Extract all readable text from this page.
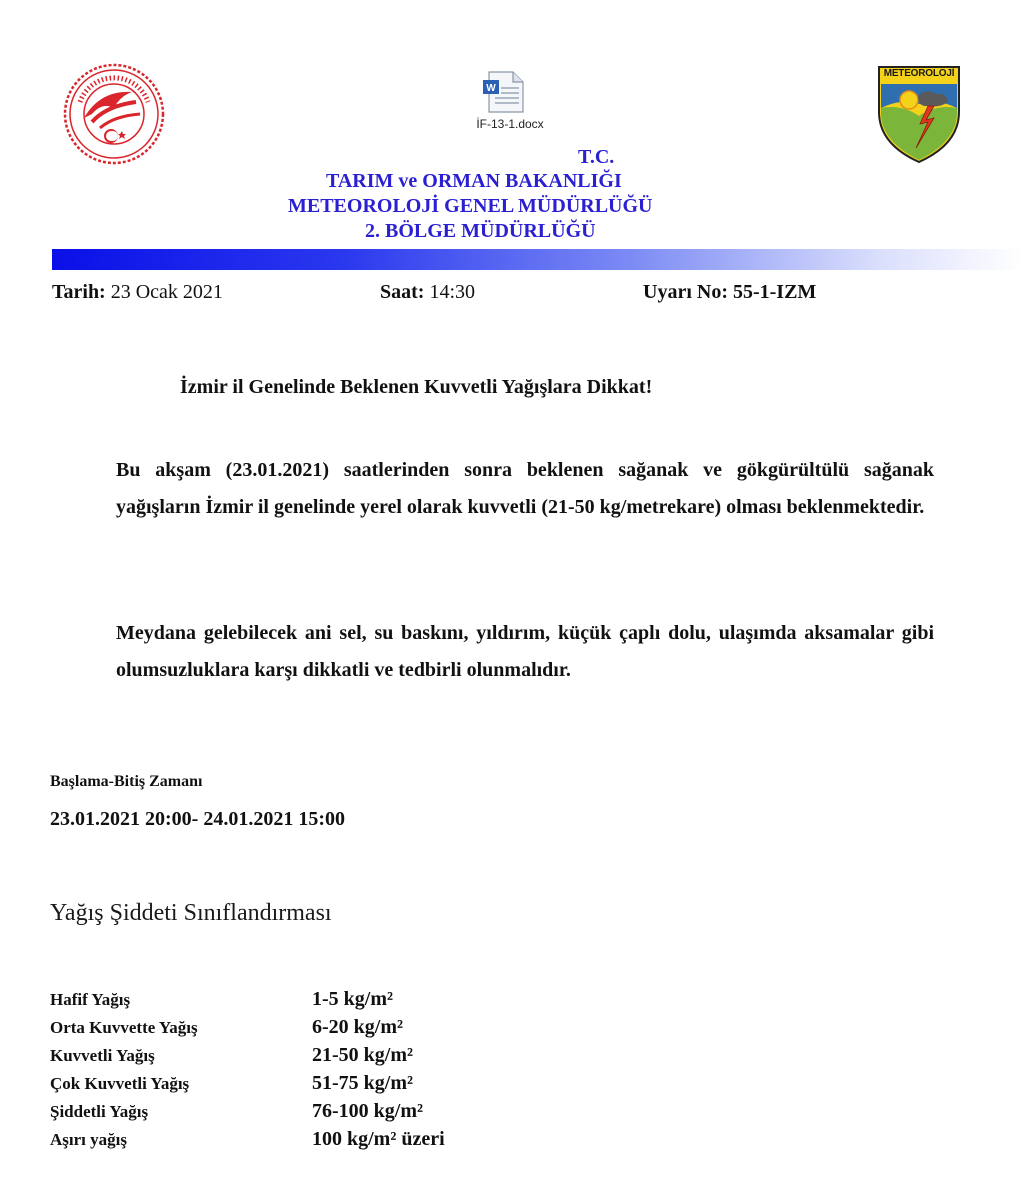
W
İF-13-1.docx
METEOROLOJİ
T.C.
TARIM ve ORMAN BAKANLIĞI
METEOROLOJİ GENEL MÜDÜRLÜĞÜ
2. BÖLGE MÜDÜRLÜĞÜ
Tarih: 23 Ocak 2021	Saat: 14:30	Uyarı No: 55-1-IZM
İzmir il Genelinde Beklenen Kuvvetli Yağışlara Dikkat!
Bu akşam (23.01.2021) saatlerinden sonra beklenen sağanak ve gökgürültülü sağanak yağışların İzmir il genelinde yerel olarak kuvvetli (21-50 kg/metrekare) olması beklenmektedir.
Meydana gelebilecek ani sel, su baskını, yıldırım, küçük çaplı dolu, ulaşımda aksamalar gibi olumsuzluklara karşı dikkatli ve tedbirli olunmalıdır.
Başlama-Bitiş Zamanı
23.01.2021 20:00- 24.01.2021 15:00
Yağış Şiddeti Sınıflandırması
Hafif Yağış	1-5 kg/m²
Orta Kuvvette Yağış	6-20 kg/m²
Kuvvetli Yağış	21-50 kg/m²
Çok Kuvvetli Yağış	51-75 kg/m²
Şiddetli Yağış	76-100 kg/m²
Aşırı yağış	100 kg/m² üzeri
